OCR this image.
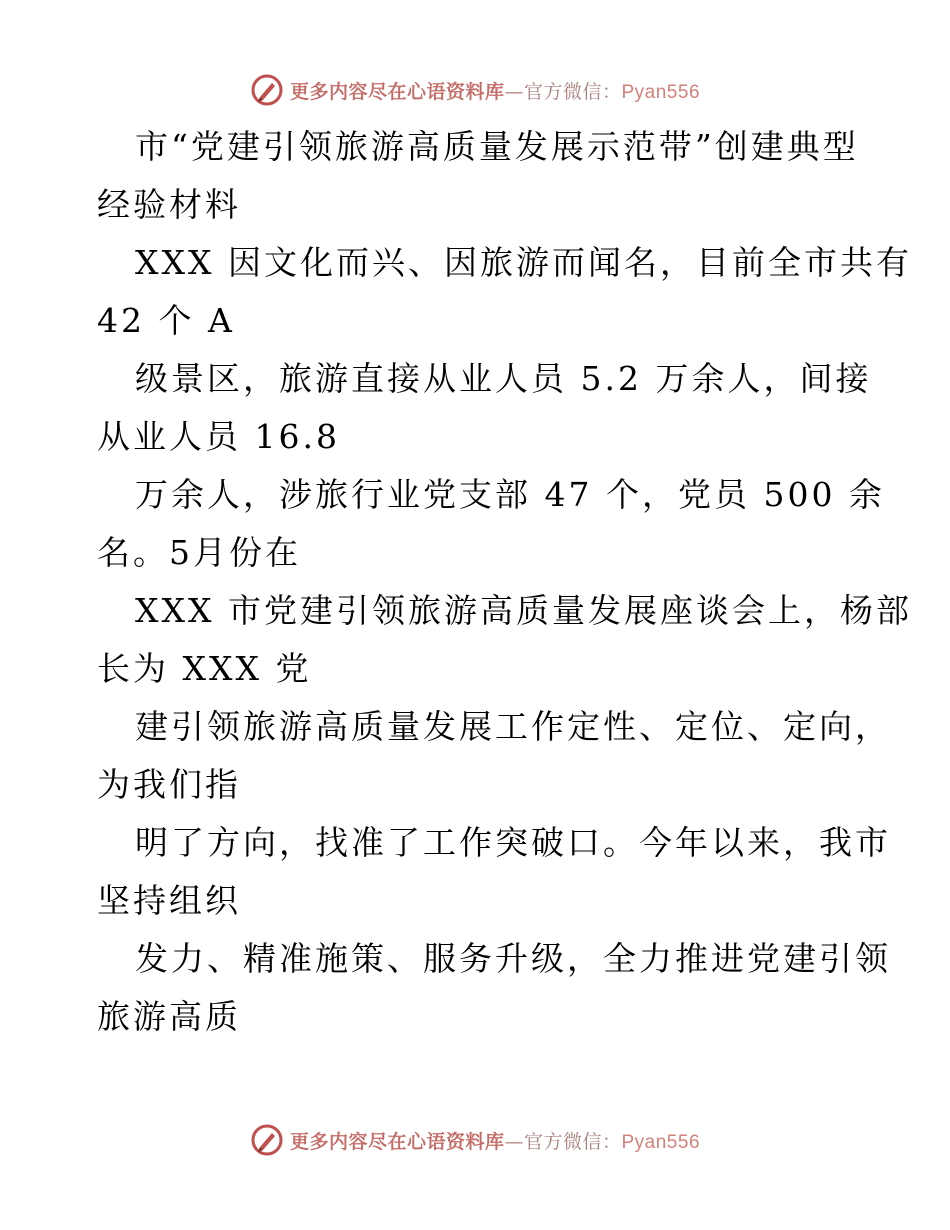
更多内容尽在心语资料库—官方微信：Pyan556
市“党建引领旅游高质量发展示范带”创建典型
经验材料
XXX 因文化而兴、因旅游而闻名，目前全市共有
42 个 A
级景区，旅游直接从业人员 5.2 万余人，间接
从业人员 16.8
万余人，涉旅行业党支部 47 个，党员 500 余
名。5月份在
XXX 市党建引领旅游高质量发展座谈会上，杨部
长为 XXX 党
建引领旅游高质量发展工作定性、定位、定向，
为我们指
明了方向，找准了工作突破口。今年以来，我市
坚持组织
发力、精准施策、服务升级，全力推进党建引领
旅游高质
更多内容尽在心语资料库—官方微信：Pyan556
